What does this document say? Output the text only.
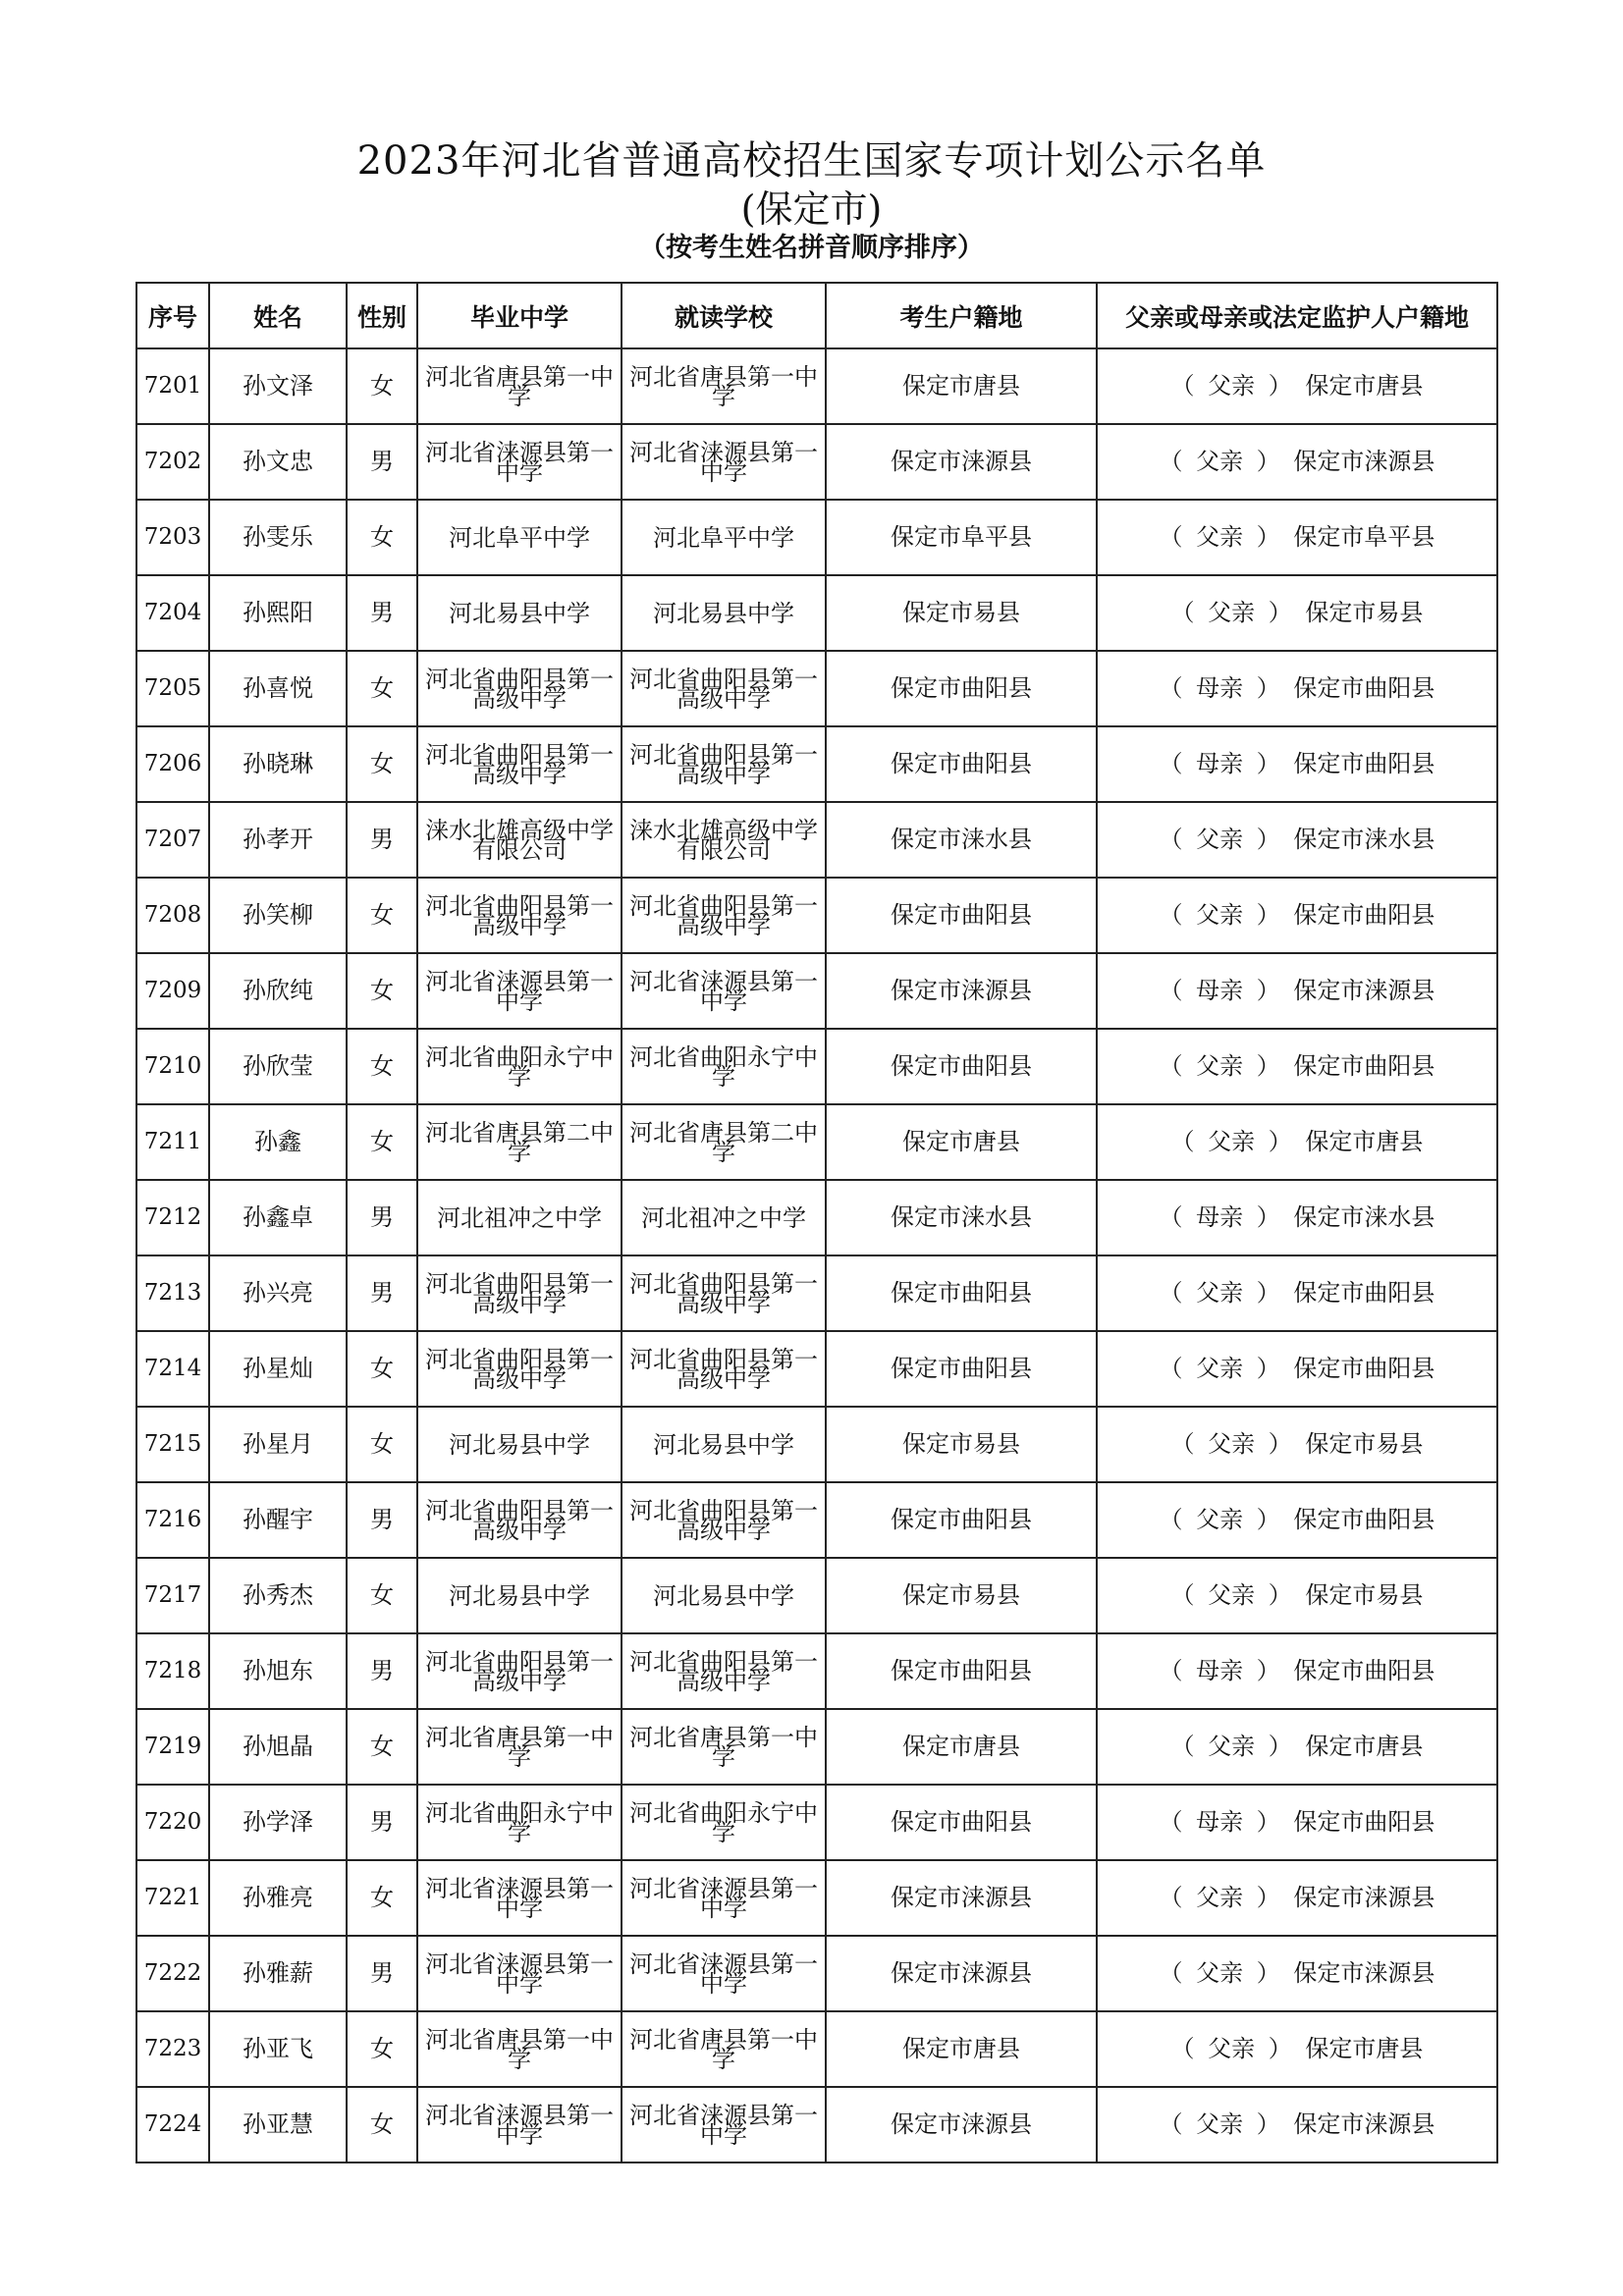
2023年河北省普通高校招生国家专项计划公示名单
(保定市)
（按考生姓名拼音顺序排序）
序号	姓名	性别	毕业中学	就读学校	考生户籍地	父亲或母亲或法定监护人户籍地
7201	孙文泽	女	河北省唐县第一中学	河北省唐县第一中学	保定市唐县	（ 父亲 ） 保定市唐县
7202	孙文忠	男	河北省涞源县第一中学	河北省涞源县第一中学	保定市涞源县	（ 父亲 ） 保定市涞源县
7203	孙雯乐	女	河北阜平中学	河北阜平中学	保定市阜平县	（ 父亲 ） 保定市阜平县
7204	孙熙阳	男	河北易县中学	河北易县中学	保定市易县	（ 父亲 ） 保定市易县
7205	孙喜悦	女	河北省曲阳县第一高级中学	河北省曲阳县第一高级中学	保定市曲阳县	（ 母亲 ） 保定市曲阳县
7206	孙晓琳	女	河北省曲阳县第一高级中学	河北省曲阳县第一高级中学	保定市曲阳县	（ 母亲 ） 保定市曲阳县
7207	孙孝开	男	涞水北雄高级中学有限公司	涞水北雄高级中学有限公司	保定市涞水县	（ 父亲 ） 保定市涞水县
7208	孙笑柳	女	河北省曲阳县第一高级中学	河北省曲阳县第一高级中学	保定市曲阳县	（ 父亲 ） 保定市曲阳县
7209	孙欣纯	女	河北省涞源县第一中学	河北省涞源县第一中学	保定市涞源县	（ 母亲 ） 保定市涞源县
7210	孙欣莹	女	河北省曲阳永宁中学	河北省曲阳永宁中学	保定市曲阳县	（ 父亲 ） 保定市曲阳县
7211	孙鑫	女	河北省唐县第二中学	河北省唐县第二中学	保定市唐县	（ 父亲 ） 保定市唐县
7212	孙鑫卓	男	河北祖冲之中学	河北祖冲之中学	保定市涞水县	（ 母亲 ） 保定市涞水县
7213	孙兴亮	男	河北省曲阳县第一高级中学	河北省曲阳县第一高级中学	保定市曲阳县	（ 父亲 ） 保定市曲阳县
7214	孙星灿	女	河北省曲阳县第一高级中学	河北省曲阳县第一高级中学	保定市曲阳县	（ 父亲 ） 保定市曲阳县
7215	孙星月	女	河北易县中学	河北易县中学	保定市易县	（ 父亲 ） 保定市易县
7216	孙醒宇	男	河北省曲阳县第一高级中学	河北省曲阳县第一高级中学	保定市曲阳县	（ 父亲 ） 保定市曲阳县
7217	孙秀杰	女	河北易县中学	河北易县中学	保定市易县	（ 父亲 ） 保定市易县
7218	孙旭东	男	河北省曲阳县第一高级中学	河北省曲阳县第一高级中学	保定市曲阳县	（ 母亲 ） 保定市曲阳县
7219	孙旭晶	女	河北省唐县第一中学	河北省唐县第一中学	保定市唐县	（ 父亲 ） 保定市唐县
7220	孙学泽	男	河北省曲阳永宁中学	河北省曲阳永宁中学	保定市曲阳县	（ 母亲 ） 保定市曲阳县
7221	孙雅亮	女	河北省涞源县第一中学	河北省涞源县第一中学	保定市涞源县	（ 父亲 ） 保定市涞源县
7222	孙雅薪	男	河北省涞源县第一中学	河北省涞源县第一中学	保定市涞源县	（ 父亲 ） 保定市涞源县
7223	孙亚飞	女	河北省唐县第一中学	河北省唐县第一中学	保定市唐县	（ 父亲 ） 保定市唐县
7224	孙亚慧	女	河北省涞源县第一中学	河北省涞源县第一中学	保定市涞源县	（ 父亲 ） 保定市涞源县
